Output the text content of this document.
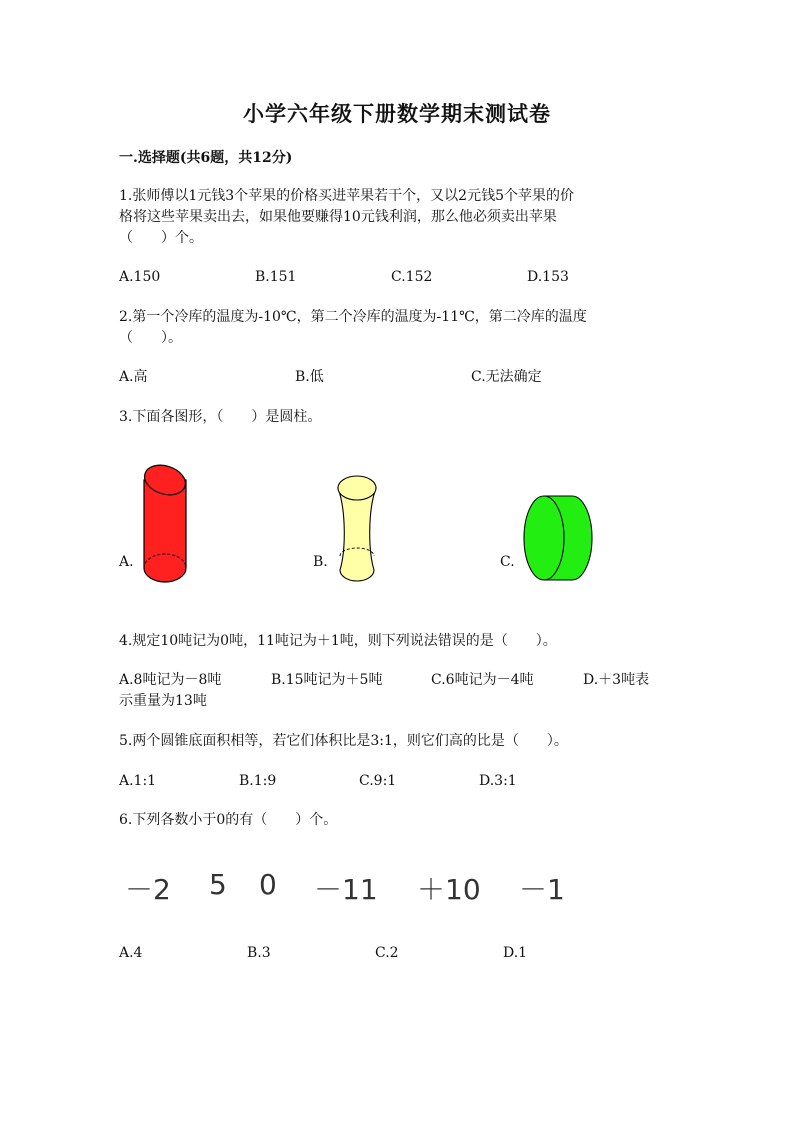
小学六年级下册数学期末测试卷
一.选择题(共6题，共12分)
1.张师傅以1元钱3个苹果的价格买进苹果若干个，又以2元钱5个苹果的价
格将这些苹果卖出去，如果他要赚得10元钱利润，那么他必须卖出苹果
（　　）个。
A.150	B.151	C.152	D.153
2.第一个冷库的温度为-10℃，第二个冷库的温度为-11℃，第二冷库的温度
（　　）。
A.高	B.低	C.无法确定
3.下面各图形，（　　）是圆柱。
A.	B.	C.
4.规定10吨记为0吨，11吨记为＋1吨，则下列说法错误的是（　　）。
A.8吨记为－8吨	B.15吨记为＋5吨	C.6吨记为－4吨	D.＋3吨表
示重量为13吨
5.两个圆锥底面积相等，若它们体积比是3:1，则它们高的比是（　　）。
A.1:1	B.1:9	C.9:1	D.3:1
6.下列各数小于0的有（　　）个。
－2 5 0 －11 ＋10 －1
A.4	B.3	C.2	D.1
